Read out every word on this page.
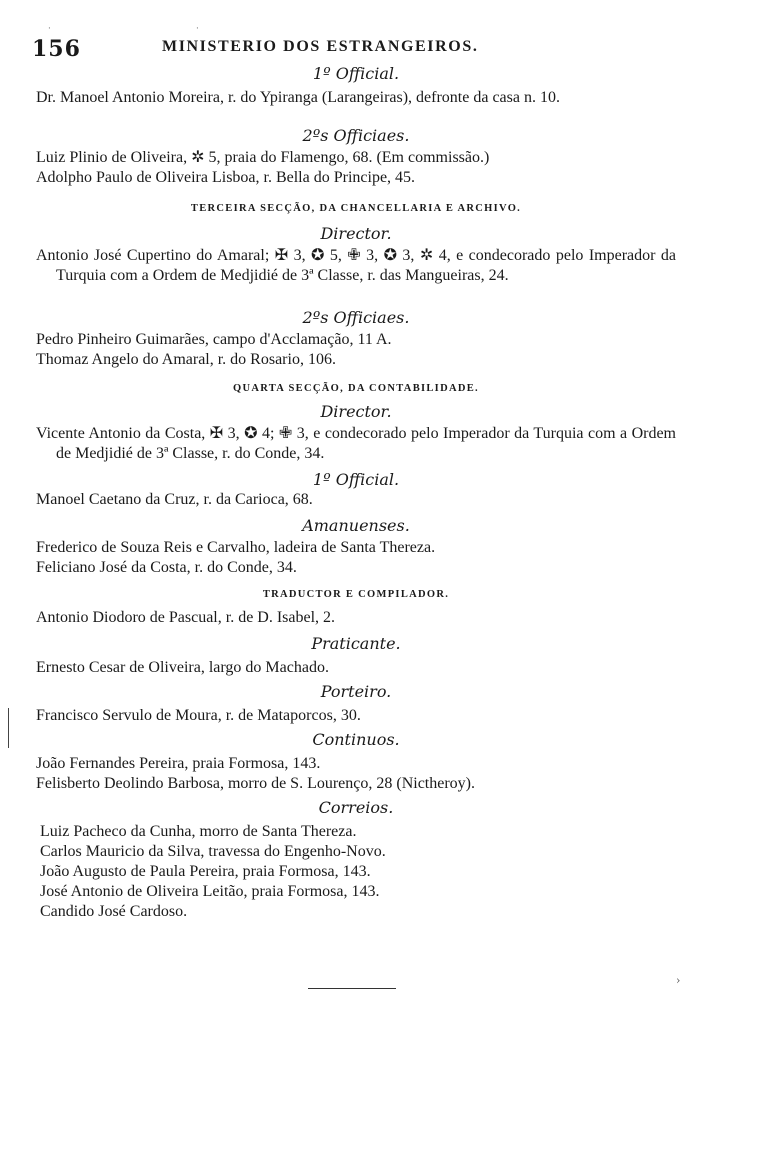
156	MINISTERIO DOS ESTRANGEIROS.
·	·
1º Official.
Dr. Manoel Antonio Moreira, r. do Ypiranga (Larangeiras), defronte da casa n. 10.
2ºs Officiaes.
Luiz Plinio de Oliveira, ✲ 5, praia do Flamengo, 68. (Em commissão.)
Adolpho Paulo de Oliveira Lisboa, r. Bella do Principe, 45.
TERCEIRA SECÇÃO, DA CHANCELLARIA E ARCHIVO.
Director.
Antonio José Cupertino do Amaral; ✠ 3, ✪ 5, ✙ 3, ✪ 3, ✲ 4, e condecorado pelo Imperador da Turquia com a Ordem de Medjidié de 3ª Classe, r. das Mangueiras, 24.
2ºs Officiaes.
Pedro Pinheiro Guimarães, campo d'Acclamação, 11 A.
Thomaz Angelo do Amaral, r. do Rosario, 106.
QUARTA SECÇÃO, DA CONTABILIDADE.
Director.
Vicente Antonio da Costa, ✠ 3, ✪ 4; ✙ 3, e condecorado pelo Imperador da Turquia com a Ordem de Medjidié de 3ª Classe, r. do Conde, 34.
1º Official.
Manoel Caetano da Cruz, r. da Carioca, 68.
Amanuenses.
Frederico de Souza Reis e Carvalho, ladeira de Santa Thereza.
Feliciano José da Costa, r. do Conde, 34.
TRADUCTOR E COMPILADOR.
Antonio Diodoro de Pascual, r. de D. Isabel, 2.
Praticante.
Ernesto Cesar de Oliveira, largo do Machado.
Porteiro.
Francisco Servulo de Moura, r. de Mataporcos, 30.
Continuos.
João Fernandes Pereira, praia Formosa, 143.
Felisberto Deolindo Barbosa, morro de S. Lourenço, 28 (Nictheroy).
Correios.
Luiz Pacheco da Cunha, morro de Santa Thereza.
Carlos Mauricio da Silva, travessa do Engenho-Novo.
João Augusto de Paula Pereira, praia Formosa, 143.
José Antonio de Oliveira Leitão, praia Formosa, 143.
Candido José Cardoso.
›
